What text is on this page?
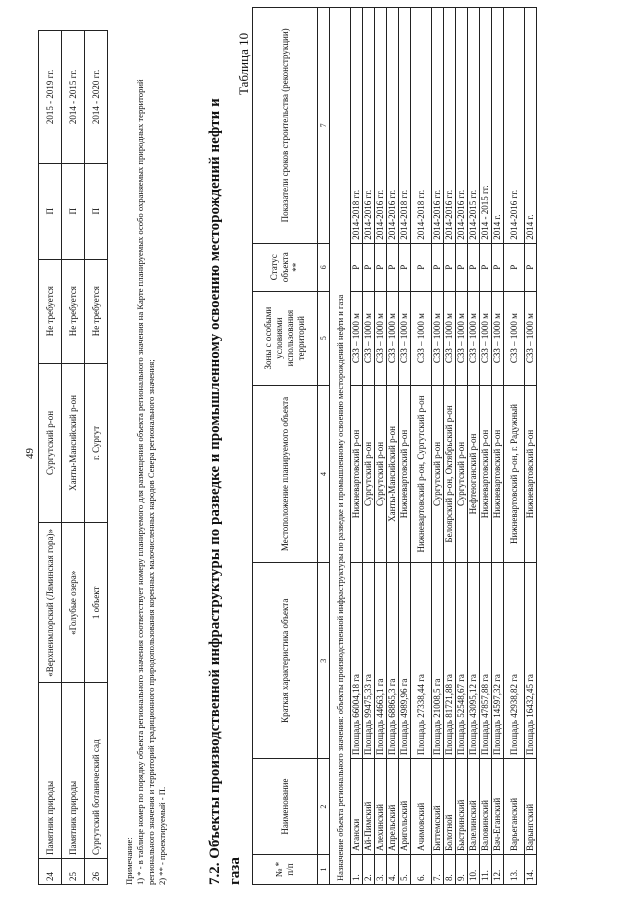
49
24	Памятник природы	«Верхнеимлорский (Ляминская гора)»	Сургутский р-он	Не требуется	П	2015 - 2019 гг.
25	Памятник природы	«Голубые озера»	Ханты-Мансийский р-он	Не требуется	П	2014 - 2015 гг.
26	Сургутский ботанический сад	1 объект	г. Сургут	Не требуется	П	2014 - 2020 гг.

Примечание: 1) * - в таблице номер по порядку объекта регионального значения соответствует номеру планируемого для размещения объекта регионального значения на Карте планируемых особо охраняемых природных территорий регионального значения и территорий традиционного природопользования коренных малочисленных народов Севера регионального значения; 2) ** - проектируемый - П.	7.2. Объекты производственной инфраструктуры по разведке и промышленному освоению месторождений нефти и газа
Таблица 10
№ * п/п	Наименование	Краткая характеристика объекта	Местоположение планируемого объекта	Зоны с особыми условиями использования территорий	Статус объекта **	Показатели сроков строительства (реконструкции)
1	2	3	4	5	6	7
Назначение объекта регионального значения: объекты производственной инфраструктуры по разведке и промышленному освоению месторождений нефти и газа						
1.	Агански	Площадь 66004,18 га	Нижневартовский р-он	СЗЗ – 1000 м	Р	2014-2018 гг.
2.	Ай-Пимский	Площадь 99475,33 га	Сургутский р-он	СЗЗ – 1000 м	Р	2014-2016 гг.
3.	Алехинский	Площадь 44663,1 га	Сургутский р-он	СЗЗ – 1000 м	Р	2014-2016 гг.
4.	Апрельский	Площадь 68865,3 га	Ханты-Мансийский р-он	СЗЗ – 1000 м	Р	2014-2016 гг.
5.	Аригольский	Площадь 4989,96 га	Нижневартовский р-он	СЗЗ – 1000 м	Р	2014-2018 гг.
6.	Ачимовский	Площадь 27338,44 га	Нижневартовский р-он, Сургутский р-он	СЗЗ – 1000 м	Р	2014-2018 гг.
7.	Биттемский	Площадь 21008,5 га	Сургутский р-он	СЗЗ – 1000 м	Р	2014-2016 гг.
8.	Болотной	Площадь 81721,88 га	Белоярский р-он, Октябрьский р-он	СЗЗ – 1000 м	Р	2014-2016 гг.
9.	Быстринский	Площадь 52548,67 га	Сургутский р-он	СЗЗ – 1000 м	Р	2014-2016 гг.
10.	Валелинский	Площадь 43095,12 га	Нефтеюганский р-он	СЗЗ – 1000 м	Р	2014-2015 гг.
11.	Валовинский	Площадь 47857,88 га	Нижневартовский р-он	СЗЗ – 1000 м	Р	2014 - 2015 гг.
12.	Вач-Еганский	Площадь 14597,32 га	Нижневартовский р-он	СЗЗ – 1000 м	Р	2014 г.
13.	Варьеганский	Площадь 42938,82 га	Нижневартовский р-он, г. Радужный	СЗЗ – 1000 м	Р	2014-2016 гг.
14.	Варынгский	Площадь 16432,45 га	Нижневартовский р-он	СЗЗ – 1000 м	Р	2014 г.
